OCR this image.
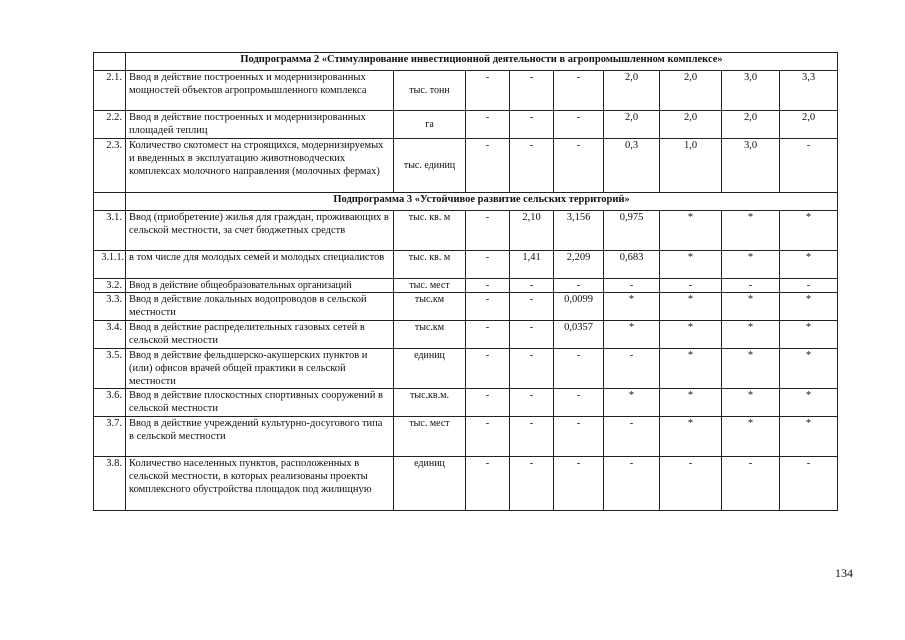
	Подпрограмма 2 «Стимулирование инвестиционной деятельности в агропромышленном комплексе»								
2.1.	Ввод в действие построенных и модернизированных мощностей объектов агропромышленного комплекса	тыс. тонн	-	-	-	2,0	2,0	3,0	3,3
2.2.	Ввод в действие построенных и модернизированных площадей теплиц	га	-	-	-	2,0	2,0	2,0	2,0
2.3.	Количество скотомест на строящихся, модернизируемых и введенных в эксплуатацию животноводческих комплексах молочного направления (молочных фермах)	тыс. единиц	-	-	-	0,3	1,0	3,0	-
	Подпрограмма 3 «Устойчивое развитие сельских территорий»								
3.1.	Ввод (приобретение) жилья для граждан, проживающих в сельской местности, за счет бюджетных средств	тыс. кв. м	-	2,10	3,156	0,975	*	*	*
3.1.1.	в том числе для молодых семей и молодых специалистов	тыс. кв. м	-	1,41	2,209	0,683	*	*	*
3.2.	Ввод в действие общеобразовательных организаций	тыс. мест	-	-	-	-	-	-	-
3.3.	Ввод в действие локальных водопроводов в сельской местности	тыс.км	-	-	0,0099	*	*	*	*
3.4.	Ввод в действие распределительных газовых сетей в сельской местности	тыс.км	-	-	0,0357	*	*	*	*
3.5.	Ввод в действие фельдшерско-акушерских пунктов и (или) офисов врачей общей практики в сельской местности	единиц	-	-	-	-	*	*	*
3.6.	Ввод в действие плоскостных спортивных сооружений в сельской местности	тыс.кв.м.	-	-	-	*	*	*	*
3.7.	Ввод в действие учреждений культурно-досугового типа в сельской местности	тыс. мест	-	-	-	-	*	*	*
3.8.	Количество населенных пунктов, расположенных в сельской местности, в которых реализованы проекты комплексного обустройства площадок под жилищную	единиц	-	-	-	-	-	-	-
134
